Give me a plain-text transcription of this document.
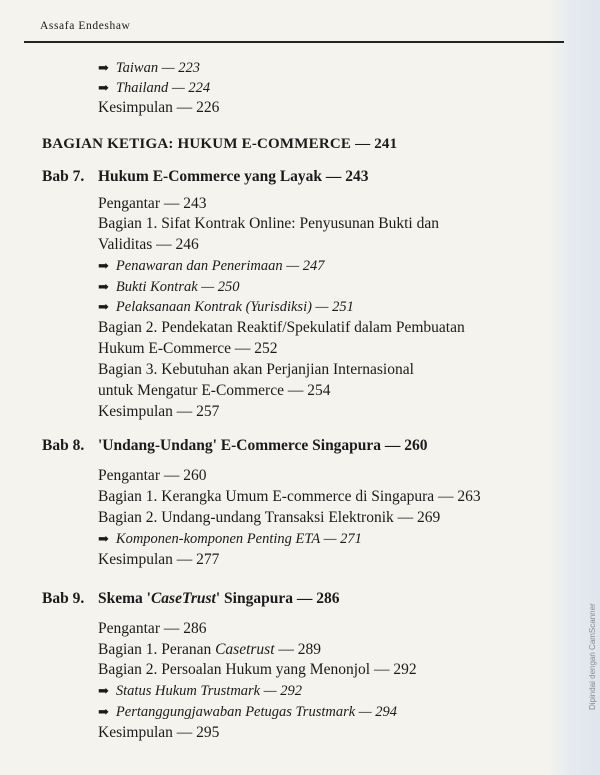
Assafa Endeshaw
➡ Taiwan — 223
➡ Thailand — 224
Kesimpulan — 226
BAGIAN KETIGA: HUKUM E-COMMERCE — 241
Bab 7. Hukum E-Commerce yang Layak — 243
Pengantar — 243
Bagian 1. Sifat Kontrak Online: Penyusunan Bukti dan
Validitas — 246
➡ Penawaran dan Penerimaan — 247
➡ Bukti Kontrak — 250
➡ Pelaksanaan Kontrak (Yurisdiksi) — 251
Bagian 2. Pendekatan Reaktif/Spekulatif dalam Pembuatan
Hukum E-Commerce — 252
Bagian 3. Kebutuhan akan Perjanjian Internasional
untuk Mengatur E-Commerce — 254
Kesimpulan — 257
Bab 8. 'Undang-Undang' E-Commerce Singapura — 260
Pengantar — 260
Bagian 1. Kerangka Umum E-commerce di Singapura — 263
Bagian 2. Undang-undang Transaksi Elektronik — 269
➡ Komponen-komponen Penting ETA — 271
Kesimpulan — 277
Bab 9. Skema 'CaseTrust' Singapura — 286
Pengantar — 286
Bagian 1. Peranan Casetrust — 289
Bagian 2. Persoalan Hukum yang Menonjol — 292
➡ Status Hukum Trustmark — 292
➡ Pertanggungjawaban Petugas Trustmark — 294
Kesimpulan — 295
Dipindai dengan CamScanner
